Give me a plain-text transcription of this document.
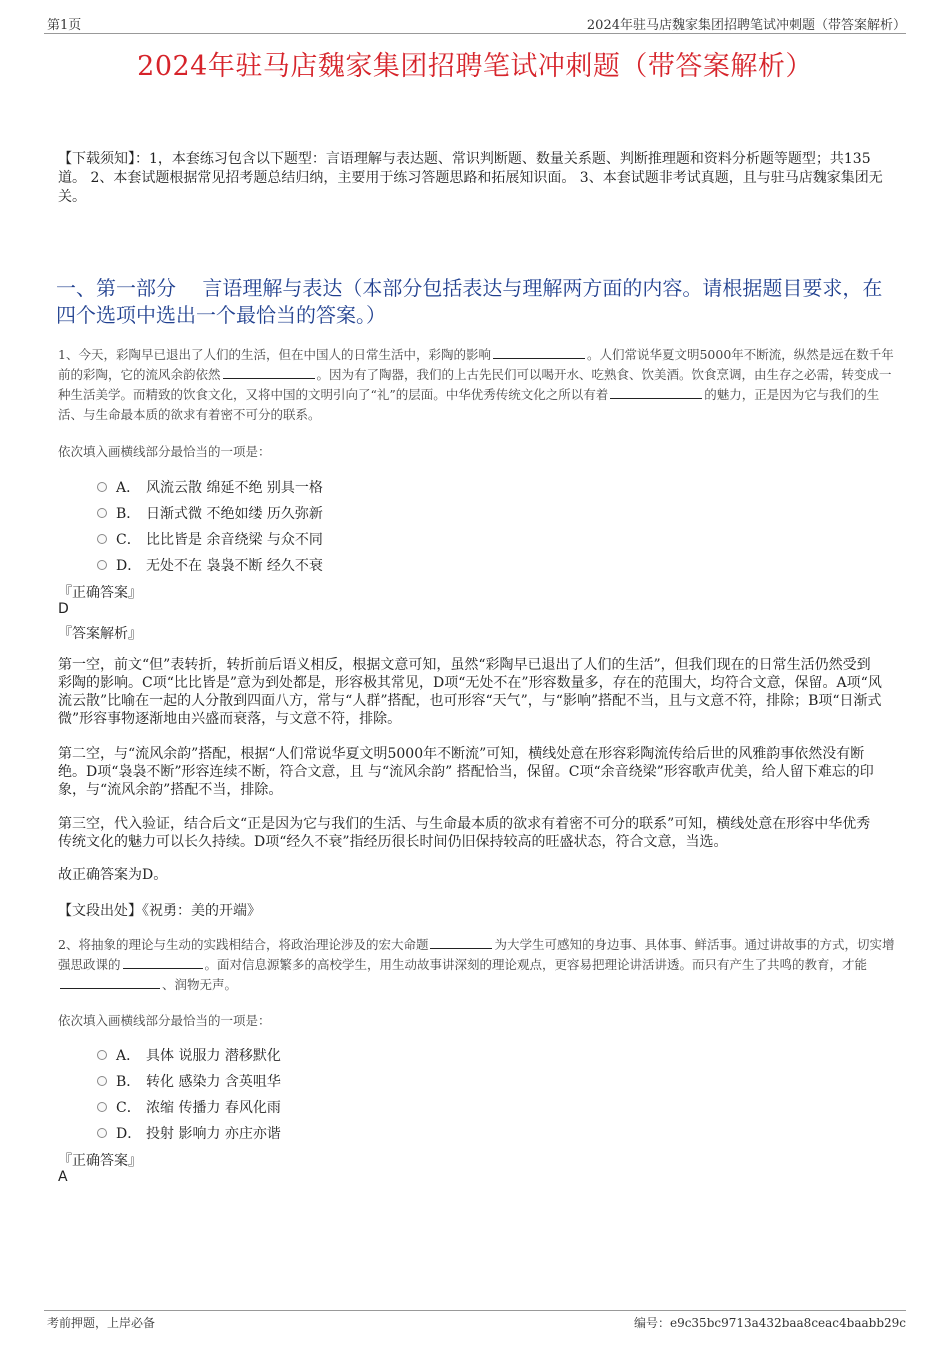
第1页	2024年驻马店魏家集团招聘笔试冲刺题（带答案解析）
2024年驻马店魏家集团招聘笔试冲刺题（带答案解析）
【下载须知】：1，本套练习包含以下题型：言语理解与表达题、常识判断题、数量关系题、判断推理题和资料分析题等题型；共135道。 2、本套试题根据常见招考题总结归纳，主要用于练习答题思路和拓展知识面。 3、本套试题非考试真题，且与驻马店魏家集团无关。
一、第一部分　 言语理解与表达（本部分包括表达与理解两方面的内容。请根据题目要求，在四个选项中选出一个最恰当的答案。）
1、今天，彩陶早已退出了人们的生活，但在中国人的日常生活中，彩陶的影响	。人们常说华夏文明5000年不断流，纵然是远在数千年前的彩陶，它的流风余韵依然	。因为有了陶器，我们的上古先民们可以喝开水、吃熟食、饮美酒。饮食烹调，由生存之必需，转变成一种生活美学。而精致的饮食文化，又将中国的文明引向了“礼”的层面。中华优秀传统文化之所以有着	的魅力，正是因为它与我们的生活、与生命最本质的欲求有着密不可分的联系。
依次填入画横线部分最恰当的一项是：
A． 风流云散 绵延不绝 别具一格
B． 日渐式微 不绝如缕 历久弥新
C． 比比皆是 余音绕梁 与众不同
D． 无处不在 袅袅不断 经久不衰
『正确答案』
D
『答案解析』
第一空，前文“但”表转折，转折前后语义相反，根据文意可知，虽然“彩陶早已退出了人们的生活”，但我们现在的日常生活仍然受到彩陶的影响。C项“比比皆是”意为到处都是，形容极其常见，D项“无处不在”形容数量多，存在的范围大，均符合文意，保留。A项“风流云散”比喻在一起的人分散到四面八方，常与“人群”搭配，也可形容“天气”，与“影响”搭配不当，且与文意不符，排除；B项“日渐式微”形容事物逐渐地由兴盛而衰落，与文意不符，排除。
第二空，与“流风余韵”搭配，根据“人们常说华夏文明5000年不断流”可知，横线处意在形容彩陶流传给后世的风雅韵事依然没有断绝。D项“袅袅不断”形容连续不断，符合文意，且 与“流风余韵” 搭配恰当，保留。C项“余音绕梁”形容歌声优美，给人留下难忘的印象，与“流风余韵”搭配不当，排除。
第三空，代入验证，结合后文“正是因为它与我们的生活、与生命最本质的欲求有着密不可分的联系”可知，横线处意在形容中华优秀传统文化的魅力可以长久持续。D项“经久不衰”指经历很长时间仍旧保持较高的旺盛状态，符合文意，当选。
故正确答案为D。
【文段出处】《祝勇：美的开端》
2、将抽象的理论与生动的实践相结合，将政治理论涉及的宏大命题	为大学生可感知的身边事、具体事、鲜活事。通过讲故事的方式，切实增强思政课的	。面对信息源繁多的高校学生，用生动故事讲深刻的理论观点，更容易把理论讲活讲透。而只有产生了共鸣的教育，才能、润物无声。
依次填入画横线部分最恰当的一项是：
A． 具体 说服力 潜移默化
B． 转化 感染力 含英咀华
C． 浓缩 传播力 春风化雨
D． 投射 影响力 亦庄亦谐
『正确答案』
A
考前押题，上岸必备	编号：e9c35bc9713a432baa8ceac4baabb29c
